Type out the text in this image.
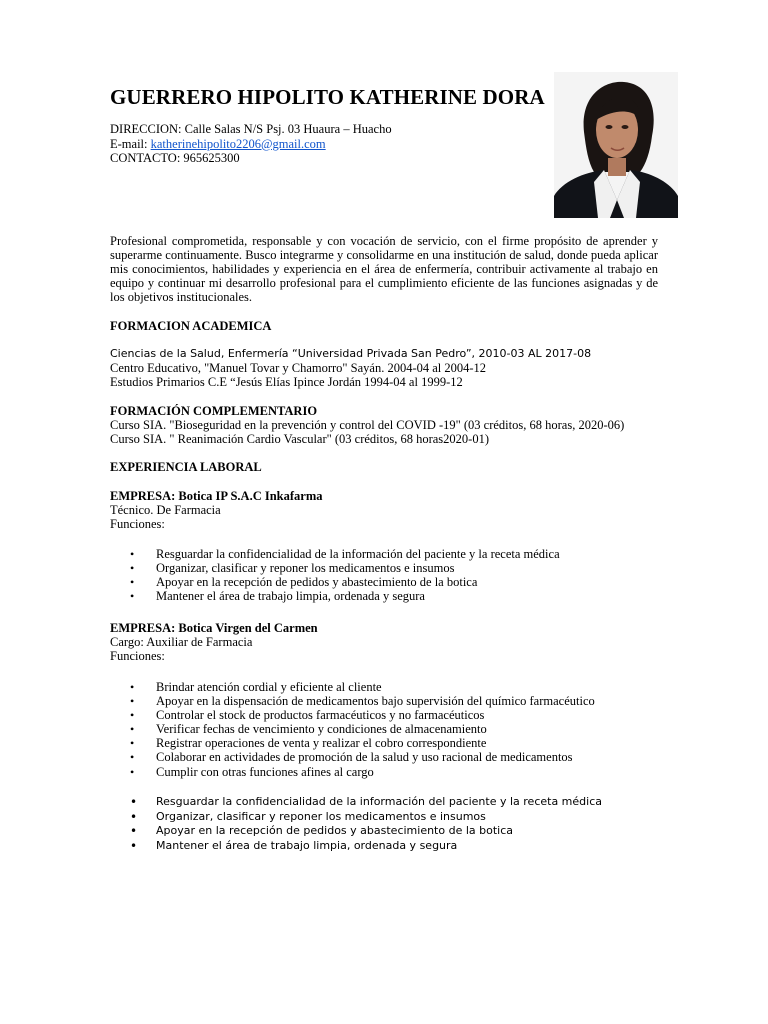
GUERRERO HIPOLITO KATHERINE DORA
DIRECCION: Calle Salas N/S Psj. 03 Huaura – Huacho
E-mail: katherinehipolito2206@gmail.com
CONTACTO: 965625300
Profesional comprometida, responsable y con vocación de servicio, con el firme propósito de aprender y superarme continuamente. Busco integrarme y consolidarme en una institución de salud, donde pueda aplicar mis conocimientos, habilidades y experiencia en el área de enfermería, contribuir activamente al trabajo en equipo y continuar mi desarrollo profesional para el cumplimiento eficiente de las funciones asignadas y de los objetivos institucionales.
FORMACION ACADEMICA
Ciencias de la Salud, Enfermería “Universidad Privada San Pedro”, 2010-03 AL 2017-08
Centro Educativo, "Manuel Tovar y Chamorro" Sayán. 2004-04 al 2004-12
Estudios Primarios C.E “Jesús Elías Ipince Jordán 1994-04 al 1999-12
FORMACIÓN COMPLEMENTARIO
Curso SIA. "Bioseguridad en la prevención y control del COVID -19" (03 créditos, 68 horas, 2020-06)
Curso SIA. " Reanimación Cardio Vascular" (03 créditos, 68 horas2020-01)
EXPERIENCIA LABORAL
EMPRESA: Botica IP S.A.C Inkafarma
Técnico. De Farmacia
Funciones:
• Resguardar la confidencialidad de la información del paciente y la receta médica
• Organizar, clasificar y reponer los medicamentos e insumos
• Apoyar en la recepción de pedidos y abastecimiento de la botica
• Mantener el área de trabajo limpia, ordenada y segura
EMPRESA: Botica Virgen del Carmen
Cargo: Auxiliar de Farmacia
Funciones:
• Brindar atención cordial y eficiente al cliente
• Apoyar en la dispensación de medicamentos bajo supervisión del químico farmacéutico
• Controlar el stock de productos farmacéuticos y no farmacéuticos
• Verificar fechas de vencimiento y condiciones de almacenamiento
• Registrar operaciones de venta y realizar el cobro correspondiente
• Colaborar en actividades de promoción de la salud y uso racional de medicamentos
• Cumplir con otras funciones afines al cargo
• Resguardar la confidencialidad de la información del paciente y la receta médica
• Organizar, clasificar y reponer los medicamentos e insumos
• Apoyar en la recepción de pedidos y abastecimiento de la botica
• Mantener el área de trabajo limpia, ordenada y segura
